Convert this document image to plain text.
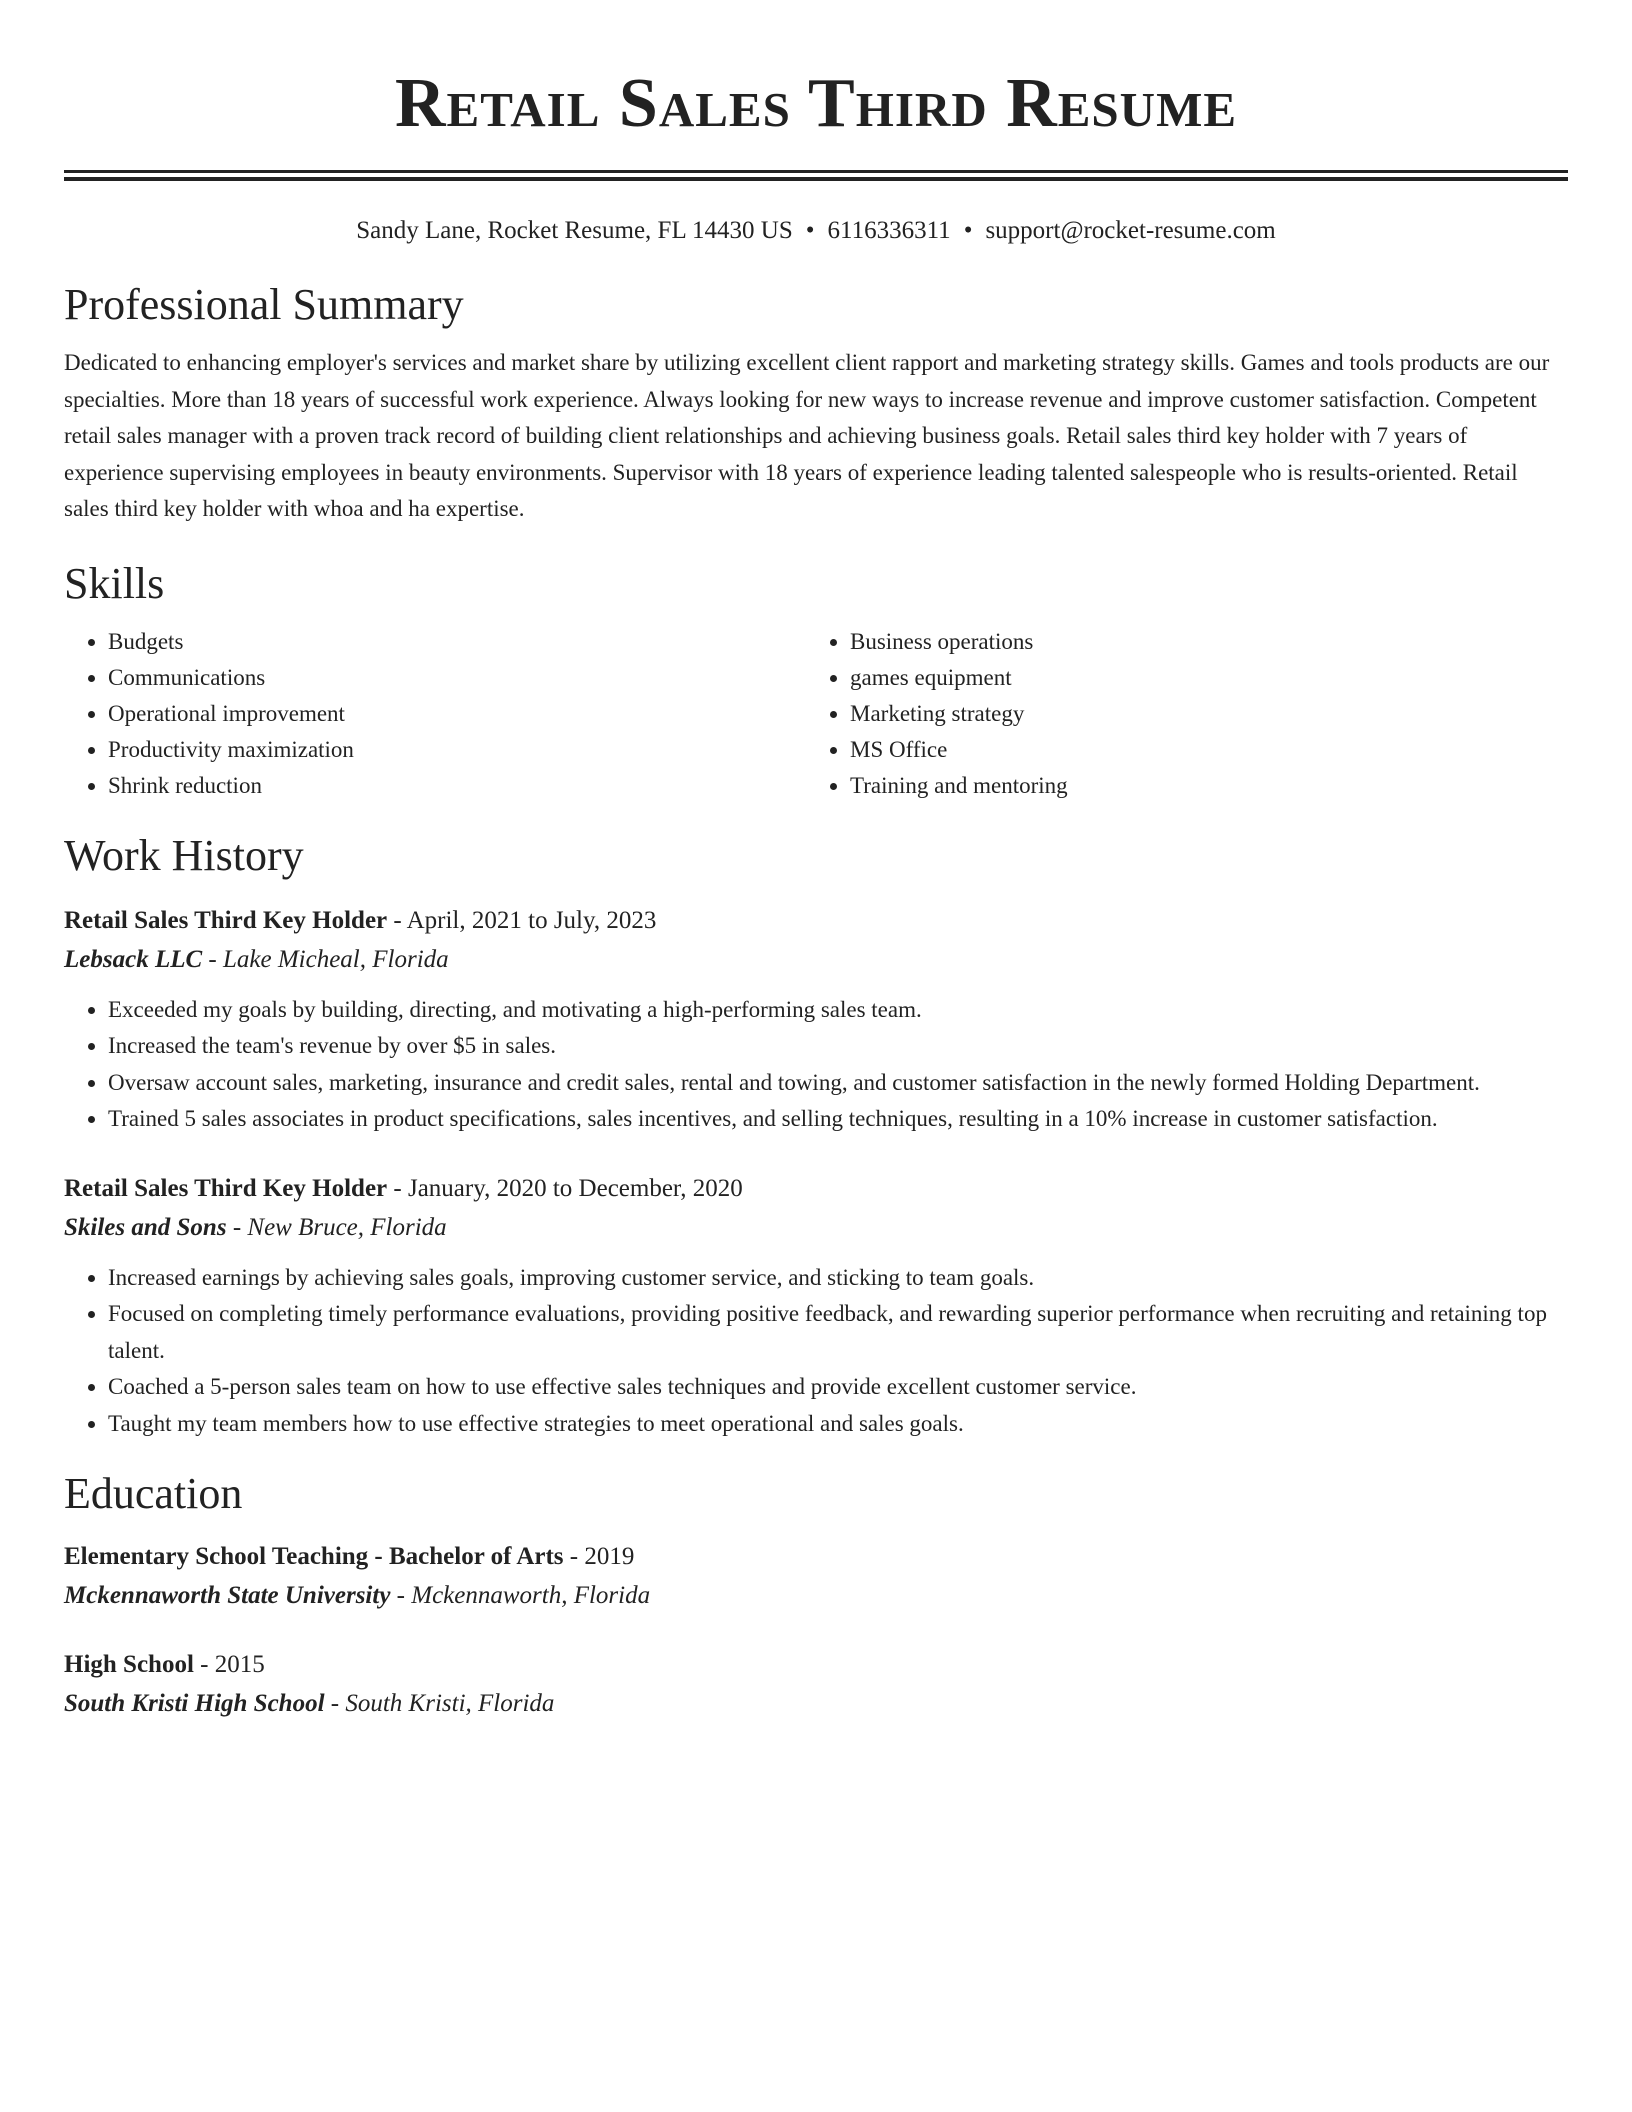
Retail Sales Third Resume
Sandy Lane, Rocket Resume, FL 14430 US • 6116336311 • support@rocket-resume.com
Professional Summary

Dedicated to enhancing employer's services and market share by utilizing excellent client rapport and marketing strategy skills. Games and tools products are our specialties. More than 18 years of successful work experience. Always looking for new ways to increase revenue and improve customer satisfaction. Competent retail sales manager with a proven track record of building client relationships and achieving business goals. Retail sales third key holder with 7 years of experience supervising employees in beauty environments. Supervisor with 18 years of experience leading talented salespeople who is results-oriented. Retail sales third key holder with whoa and ha expertise.

Skills
• Budgets
• Communications
• Operational improvement
• Productivity maximization
• Shrink reduction
• Business operations
• games equipment
• Marketing strategy
• MS Office
• Training and mentoring
Work History
Retail Sales Third Key Holder - April, 2021 to July, 2023
Lebsack LLC - Lake Micheal, Florida
• Exceeded my goals by building, directing, and motivating a high-performing sales team.
• Increased the team's revenue by over $5 in sales.
• Oversaw account sales, marketing, insurance and credit sales, rental and towing, and customer satisfaction in the newly formed Holding Department.
• Trained 5 sales associates in product specifications, sales incentives, and selling techniques, resulting in a 10% increase in customer satisfaction.
Retail Sales Third Key Holder - January, 2020 to December, 2020
Skiles and Sons - New Bruce, Florida
• Increased earnings by achieving sales goals, improving customer service, and sticking to team goals.
• Focused on completing timely performance evaluations, providing positive feedback, and rewarding superior performance when recruiting and retaining top talent.
• Coached a 5-person sales team on how to use effective sales techniques and provide excellent customer service.
• Taught my team members how to use effective strategies to meet operational and sales goals.
Education
Elementary School Teaching - Bachelor of Arts - 2019
Mckennaworth State University - Mckennaworth, Florida
High School - 2015
South Kristi High School - South Kristi, Florida
